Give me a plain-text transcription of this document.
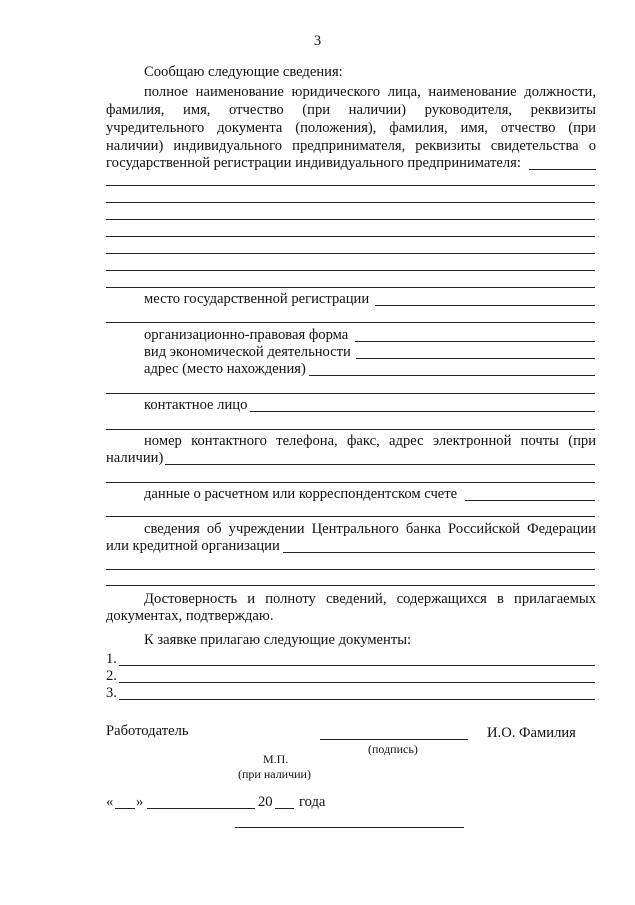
3
Сообщаю следующие сведения:
полное наименование юридического лица, наименование должности,
фамилия, имя, отчество (при наличии) руководителя, реквизиты
учредительного документа (положения), фамилия, имя, отчество (при
наличии) индивидуального предпринимателя, реквизиты свидетельства о
государственной регистрации индивидуального предпринимателя:
место государственной регистрации
организационно-правовая форма
вид экономической деятельности
адрес (место нахождения)
контактное лицо
номер контактного телефона, факс, адрес электронной почты (при
наличии)
данные о расчетном или корреспондентском счете
сведения об учреждении Центрального банка Российской Федерации
или кредитной организации
Достоверность и полноту сведений, содержащихся в прилагаемых
документах, подтверждаю.
К заявке прилагаю следующие документы:
1.
2.
3.
Работодатель
(подпись)
И.О. Фамилия
М.П.
(при наличии)
« »	20 года
